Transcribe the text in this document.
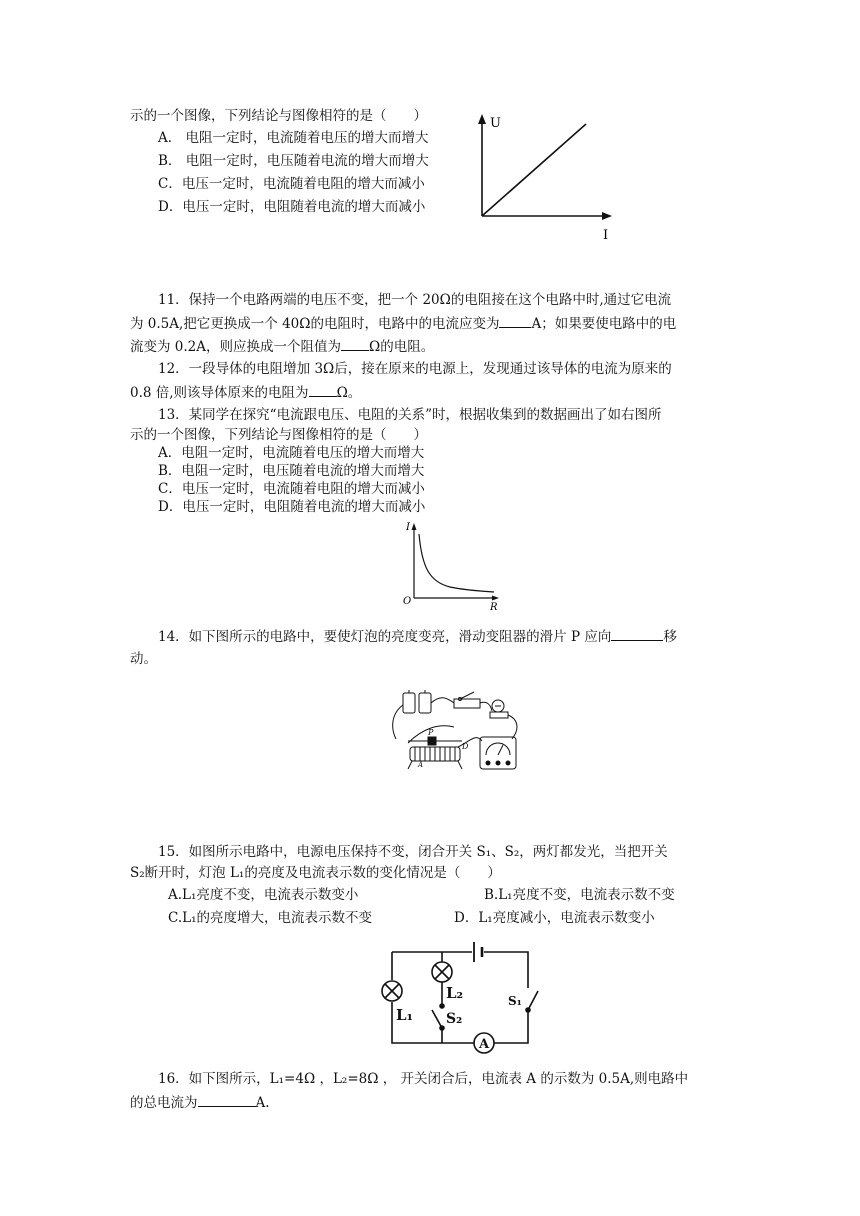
示的一个图像，下列结论与图像相符的是（　　）
A． 电阻一定时，电流随着电压的增大而增大
B． 电阻一定时，电压随着电流的增大而增大
C．电压一定时，电流随着电阻的增大而减小
D．电压一定时，电阻随着电流的增大而减小
U
I
11．保持一个电路两端的电压不变，把一个 20Ω的电阻接在这个电路中时,通过它电流
为 0.5A,把它更换成一个 40Ω的电阻时，电路中的电流应变为 A；如果要使电路中的电
流变为 0.2A，则应换成一个阻值为 Ω的电阻。
12．一段导体的电阻增加 3Ω后，接在原来的电源上，发现通过该导体的电流为原来的
0.8 倍,则该导体原来的电阻为 Ω。
13．某同学在探究“电流跟电压、电阻的关系”时，根据收集到的数据画出了如右图所
示的一个图像，下列结论与图像相符的是（　　）
A．电阻一定时，电流随着电压的增大而增大
B．电阻一定时，电压随着电流的增大而增大
C．电压一定时，电流随着电阻的增大而减小
D．电压一定时，电阻随着电流的增大而减小
I
O
R
14．如下图所示的电路中，要使灯泡的亮度变亮，滑动变阻器的滑片 P 应向	移
动。
P
D
A
15．如图所示电路中，电源电压保持不变，闭合开关 S₁、S₂，两灯都发光，当把开关
S₂断开时，灯泡 L₁的亮度及电流表示数的变化情况是（　　）
A.L₁亮度不变，电流表示数变小	B.L₁亮度不变，电流表示数不变
C.L₁的亮度增大，电流表示数不变	D．L₁亮度减小，电流表示数变小
A
L₁
L₂
S₂
S₁
16．如下图所示，L₁=4Ω ，L₂=8Ω ， 开关闭合后，电流表 A 的示数为 0.5A,则电路中
的总电流为	A.
